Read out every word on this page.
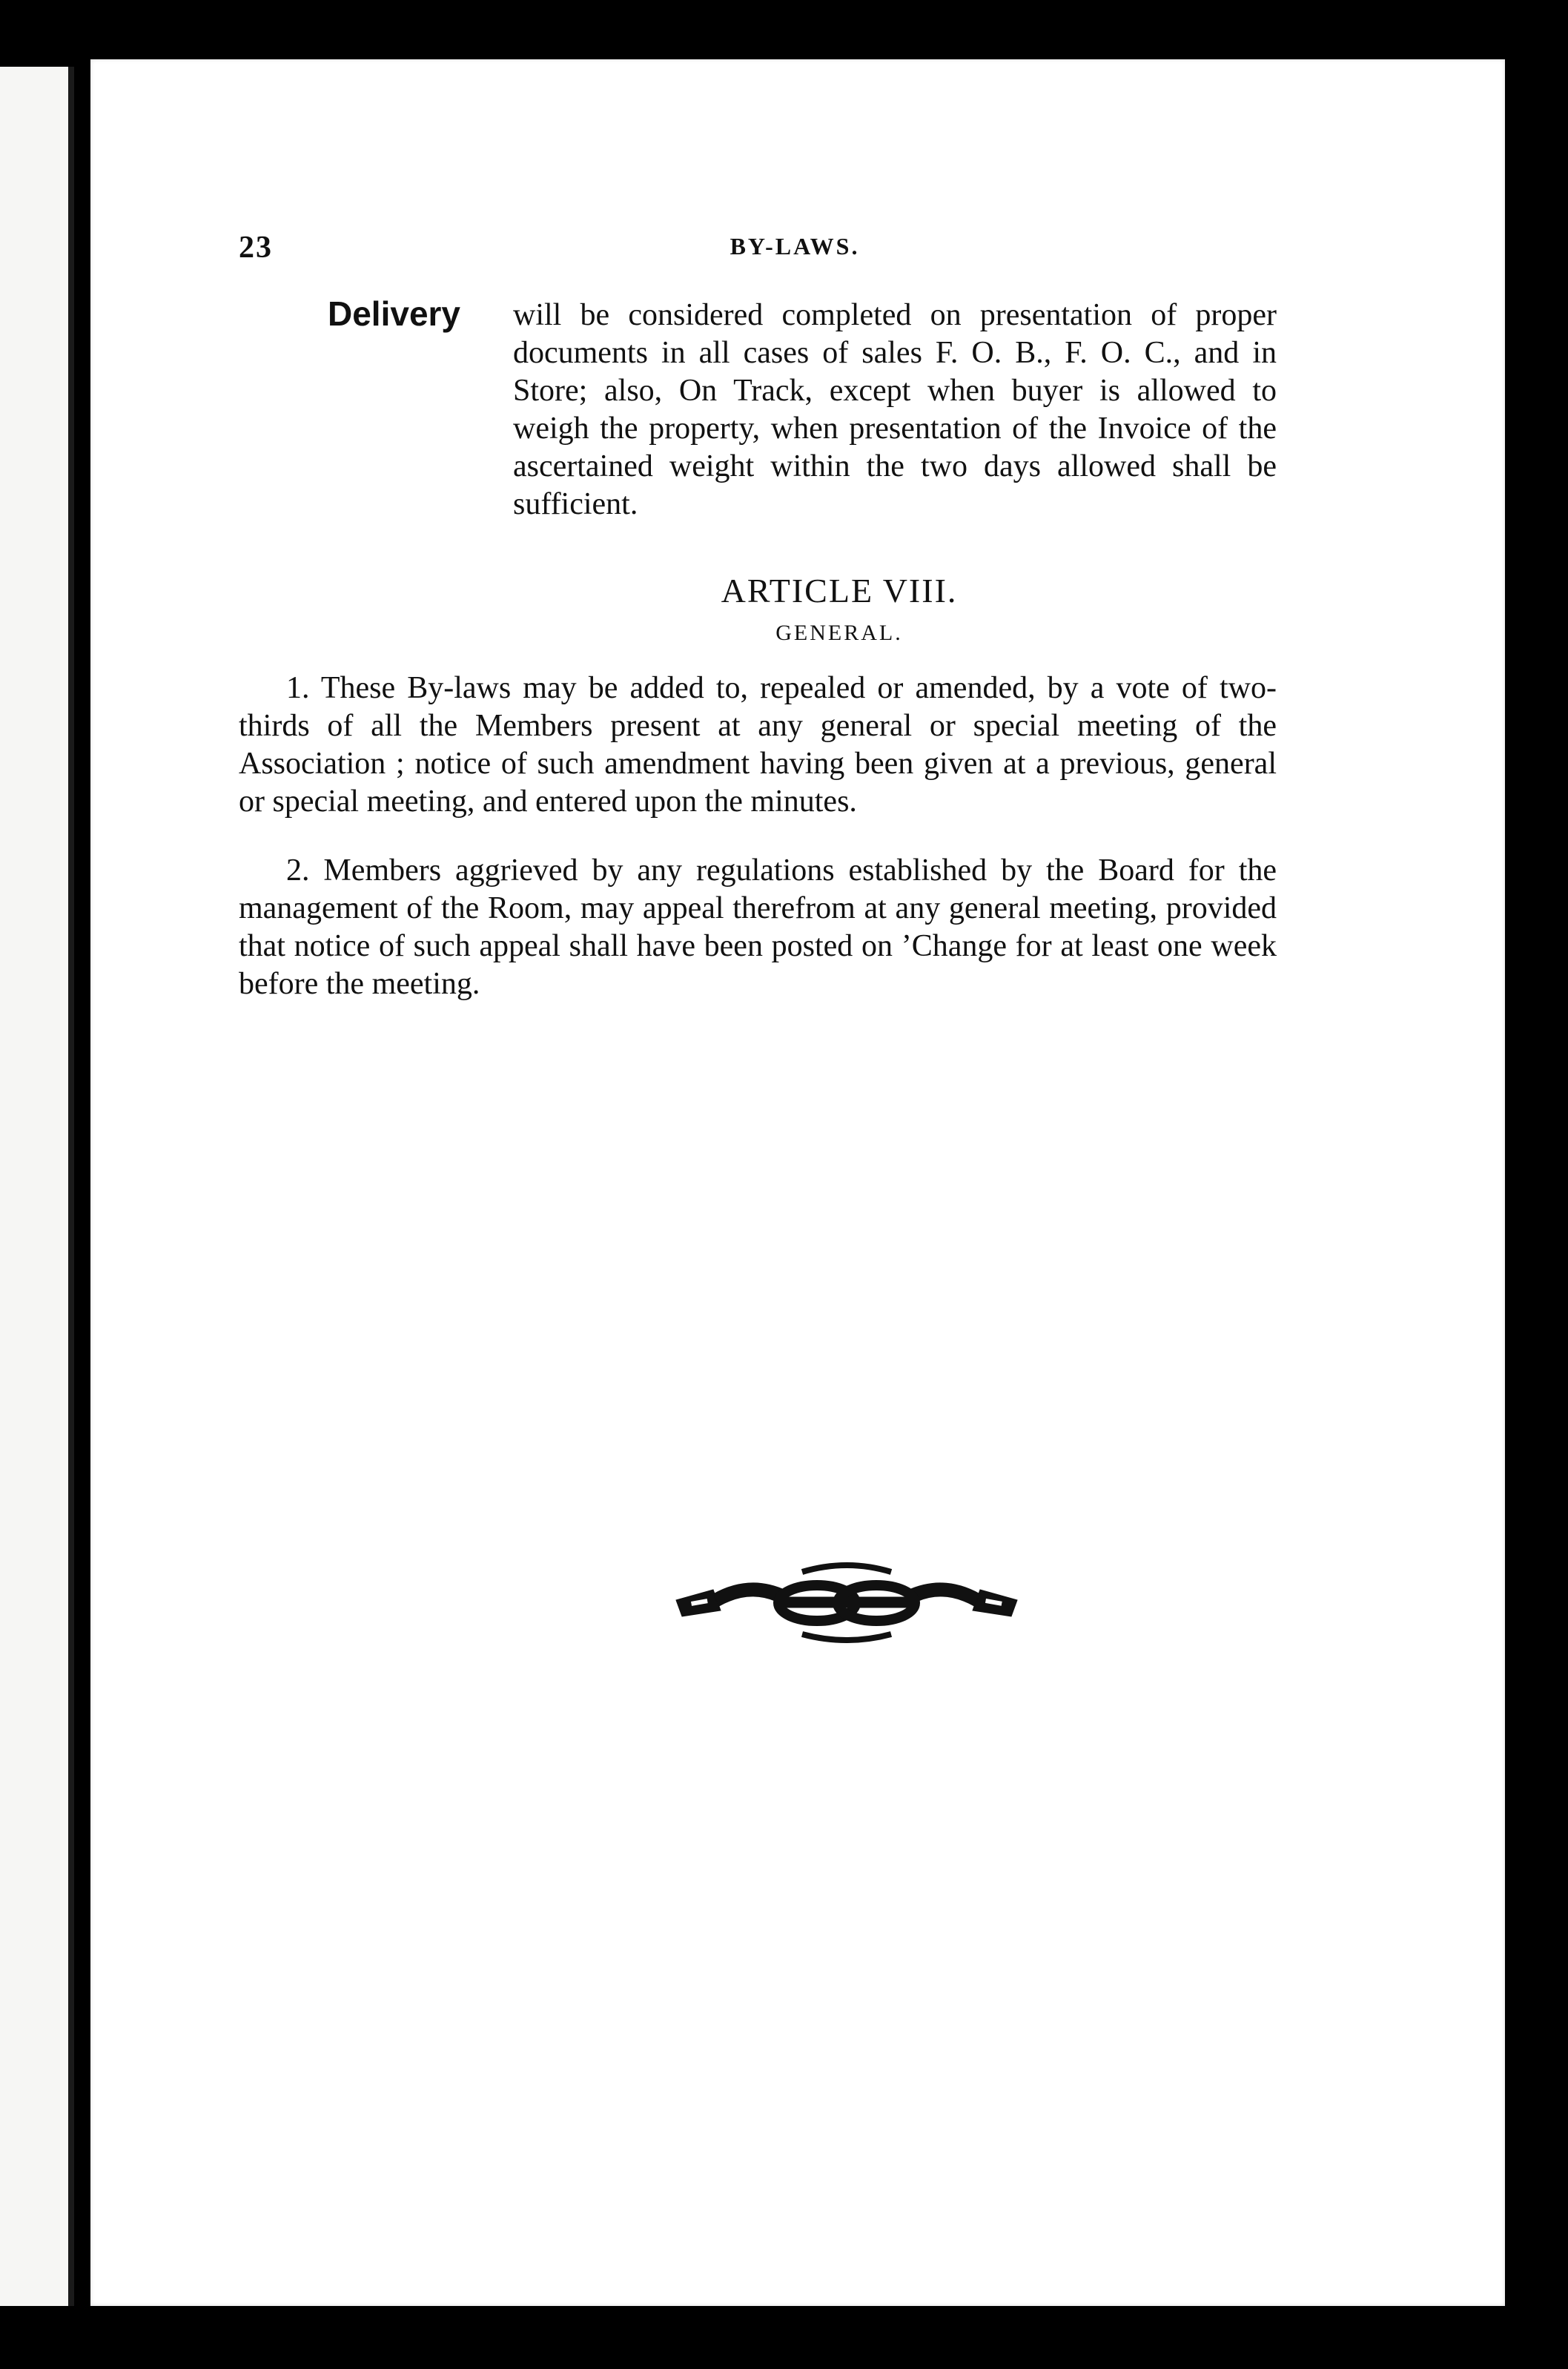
23	BY-LAWS.
Delivery will be considered completed on presentation of proper documents in all cases of sales F. O. B., F. O. C., and in Store; also, On Track, except when buyer is allowed to weigh the property, when presentation of the Invoice of the ascertained weight within the two days allowed shall be sufficient.
ARTICLE VIII.
GENERAL.

1. These By-laws may be added to, repealed or amended, by a vote of two-thirds of all the Members present at any general or special meeting of the Association ; notice of such amendment having been given at a previous, general or special meeting, and entered upon the minutes.

2. Members aggrieved by any regulations established by the Board for the management of the Room, may appeal therefrom at any general meeting, provided that notice of such appeal shall have been posted on ’Change for at least one week before the meeting.
